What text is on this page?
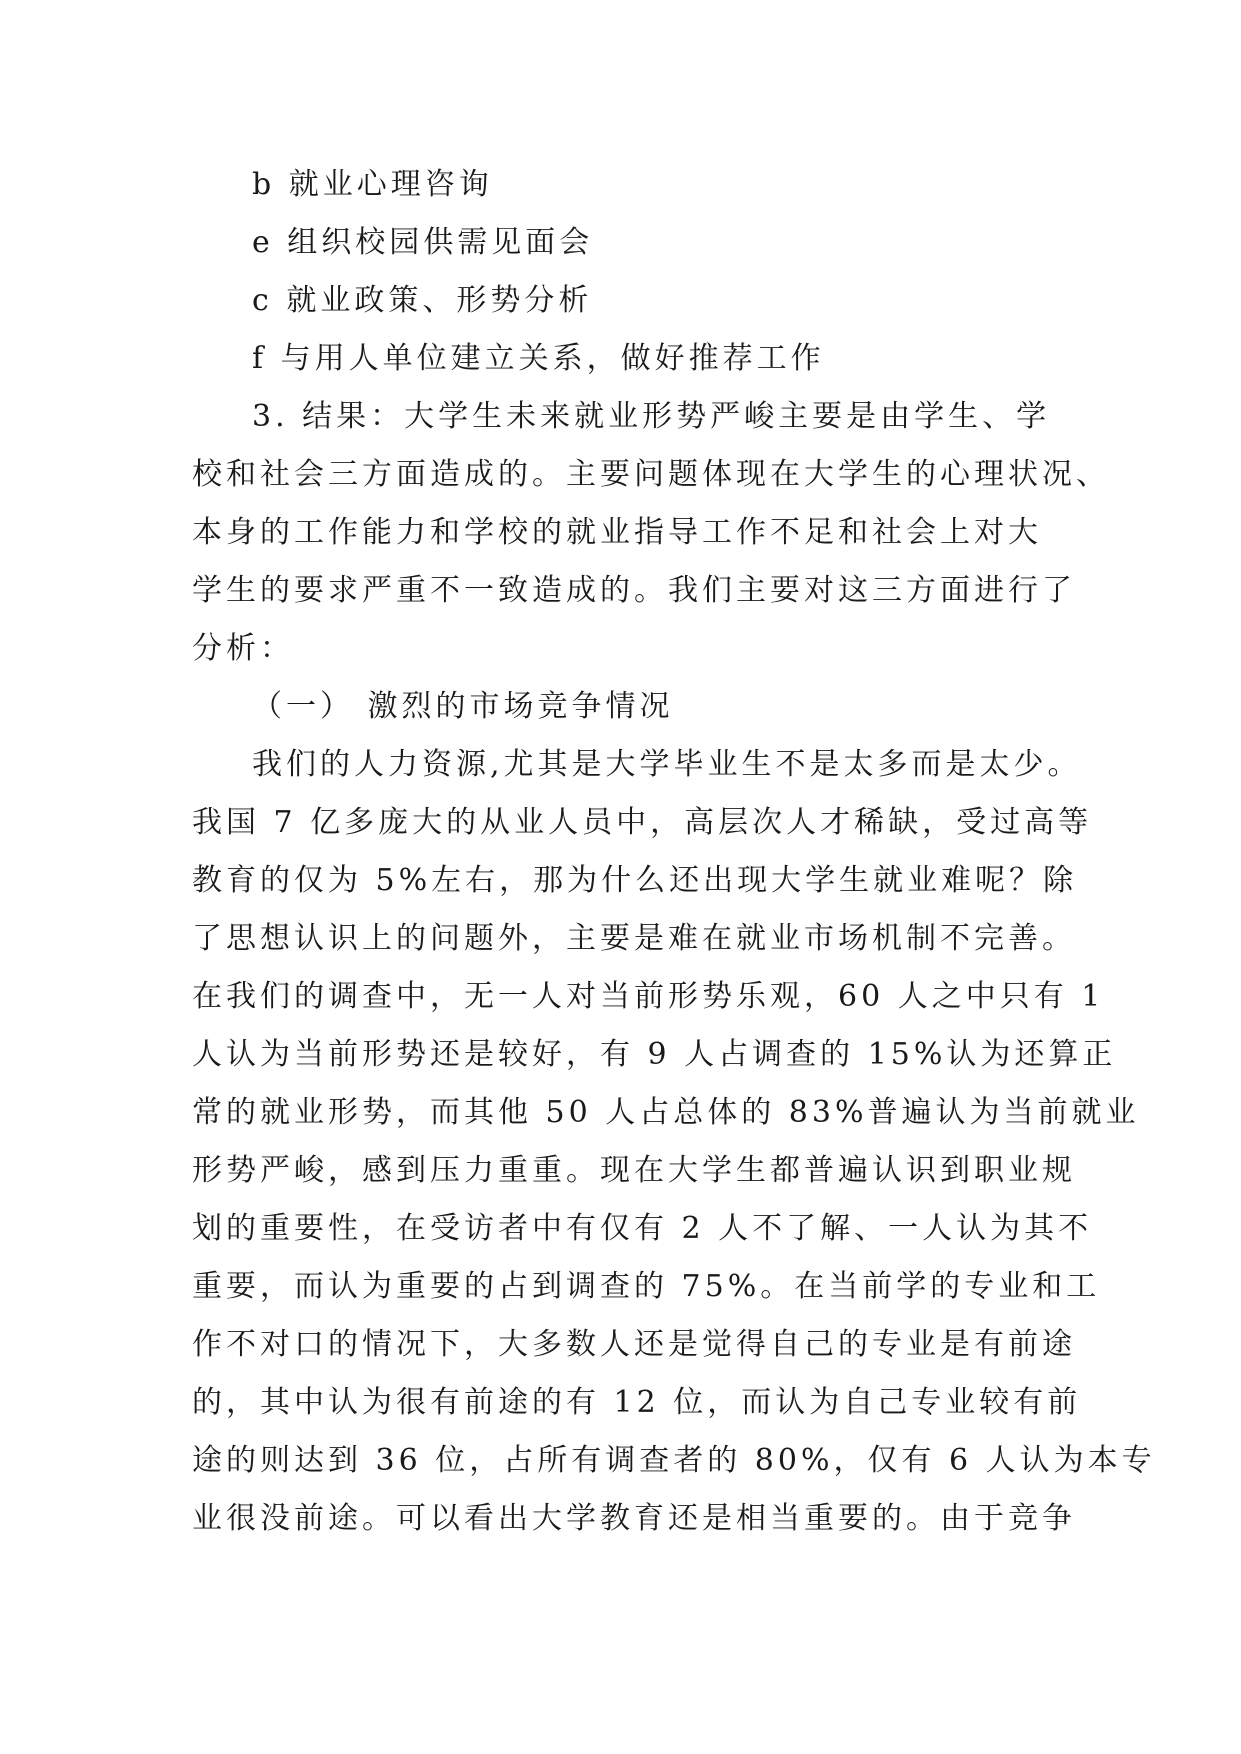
b 就业心理咨询
e 组织校园供需见面会
c 就业政策、形势分析
f 与用人单位建立关系，做好推荐工作
3. 结果：大学生未来就业形势严峻主要是由学生、学
校和社会三方面造成的。主要问题体现在大学生的心理状况、
本身的工作能力和学校的就业指导工作不足和社会上对大
学生的要求严重不一致造成的。我们主要对这三方面进行了
分析：
（一） 激烈的市场竞争情况
我们的人力资源,尤其是大学毕业生不是太多而是太少。
我国 7 亿多庞大的从业人员中，高层次人才稀缺，受过高等
教育的仅为 5%左右，那为什么还出现大学生就业难呢？除
了思想认识上的问题外，主要是难在就业市场机制不完善。
在我们的调查中，无一人对当前形势乐观，60 人之中只有 1
人认为当前形势还是较好，有 9 人占调查的 15%认为还算正
常的就业形势，而其他 50 人占总体的 83%普遍认为当前就业
形势严峻，感到压力重重。现在大学生都普遍认识到职业规
划的重要性，在受访者中有仅有 2 人不了解、一人认为其不
重要，而认为重要的占到调查的 75%。在当前学的专业和工
作不对口的情况下，大多数人还是觉得自己的专业是有前途
的，其中认为很有前途的有 12 位，而认为自己专业较有前
途的则达到 36 位，占所有调查者的 80%，仅有 6 人认为本专
业很没前途。可以看出大学教育还是相当重要的。由于竞争
